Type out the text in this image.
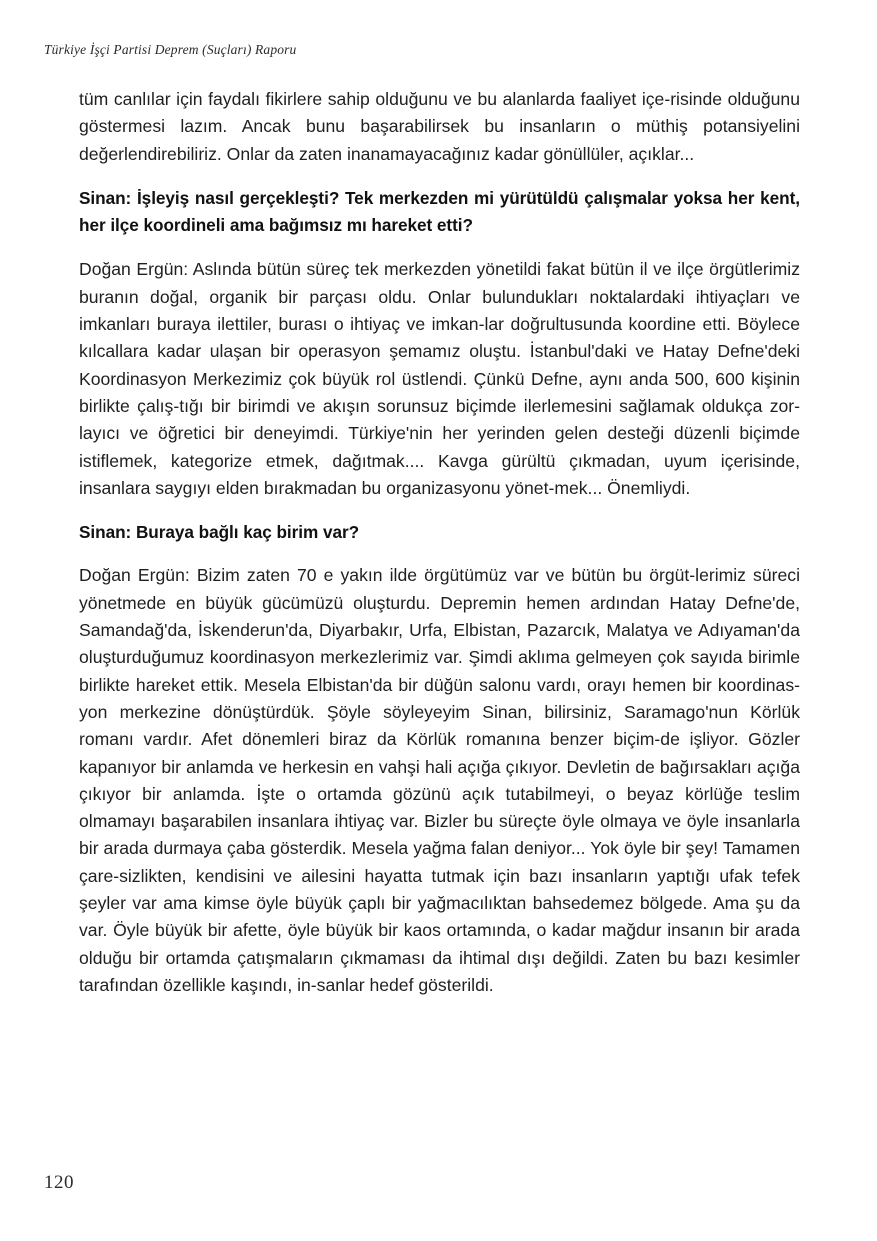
Türkiye İşçi Partisi Deprem (Suçları) Raporu

tüm canlılar için faydalı fikirlere sahip olduğunu ve bu alanlarda faaliyet içe-risinde olduğunu göstermesi lazım. Ancak bunu başarabilirsek bu insanların o müthiş potansiyelini değerlendirebiliriz. Onlar da zaten inanamayacağınız kadar gönüllüler, açıklar...

Sinan: İşleyiş nasıl gerçekleşti? Tek merkezden mi yürütüldü çalışmalar yoksa her kent, her ilçe koordineli ama bağımsız mı hareket etti?

Doğan Ergün: Aslında bütün süreç tek merkezden yönetildi fakat bütün il ve ilçe örgütlerimiz buranın doğal, organik bir parçası oldu. Onlar bulundukları noktalardaki ihtiyaçları ve imkanları buraya ilettiler, burası o ihtiyaç ve imkan-lar doğrultusunda koordine etti. Böylece kılcallara kadar ulaşan bir operasyon şemamız oluştu. İstanbul'daki ve Hatay Defne'deki Koordinasyon Merkezimiz çok büyük rol üstlendi. Çünkü Defne, aynı anda 500, 600 kişinin birlikte çalış-tığı bir birimdi ve akışın sorunsuz biçimde ilerlemesini sağlamak oldukça zor-layıcı ve öğretici bir deneyimdi. Türkiye'nin her yerinden gelen desteği düzenli biçimde istiflemek, kategorize etmek, dağıtmak.... Kavga gürültü çıkmadan, uyum içerisinde, insanlara saygıyı elden bırakmadan bu organizasyonu yönet-mek... Önemliydi.

Sinan: Buraya bağlı kaç birim var?

Doğan Ergün: Bizim zaten 70 e yakın ilde örgütümüz var ve bütün bu örgüt-lerimiz süreci yönetmede en büyük gücümüzü oluşturdu. Depremin hemen ardından Hatay Defne'de, Samandağ'da, İskenderun'da, Diyarbakır, Urfa, Elbistan, Pazarcık, Malatya ve Adıyaman'da oluşturduğumuz koordinasyon merkezlerimiz var. Şimdi aklıma gelmeyen çok sayıda birimle birlikte hareket ettik. Mesela Elbistan'da bir düğün salonu vardı, orayı hemen bir koordinas-yon merkezine dönüştürdük. Şöyle söyleyeyim Sinan, bilirsiniz, Saramago'nun Körlük romanı vardır. Afet dönemleri biraz da Körlük romanına benzer biçim-de işliyor. Gözler kapanıyor bir anlamda ve herkesin en vahşi hali açığa çıkıyor. Devletin de bağırsakları açığa çıkıyor bir anlamda. İşte o ortamda gözünü açık tutabilmeyi, o beyaz körlüğe teslim olmamayı başarabilen insanlara ihtiyaç var. Bizler bu süreçte öyle olmaya ve öyle insanlarla bir arada durmaya çaba gösterdik. Mesela yağma falan deniyor... Yok öyle bir şey! Tamamen çare-sizlikten, kendisini ve ailesini hayatta tutmak için bazı insanların yaptığı ufak tefek şeyler var ama kimse öyle büyük çaplı bir yağmacılıktan bahsedemez bölgede. Ama şu da var. Öyle büyük bir afette, öyle büyük bir kaos ortamında, o kadar mağdur insanın bir arada olduğu bir ortamda çatışmaların çıkmaması da ihtimal dışı değildi. Zaten bu bazı kesimler tarafından özellikle kaşındı, in-sanlar hedef gösterildi.

120
